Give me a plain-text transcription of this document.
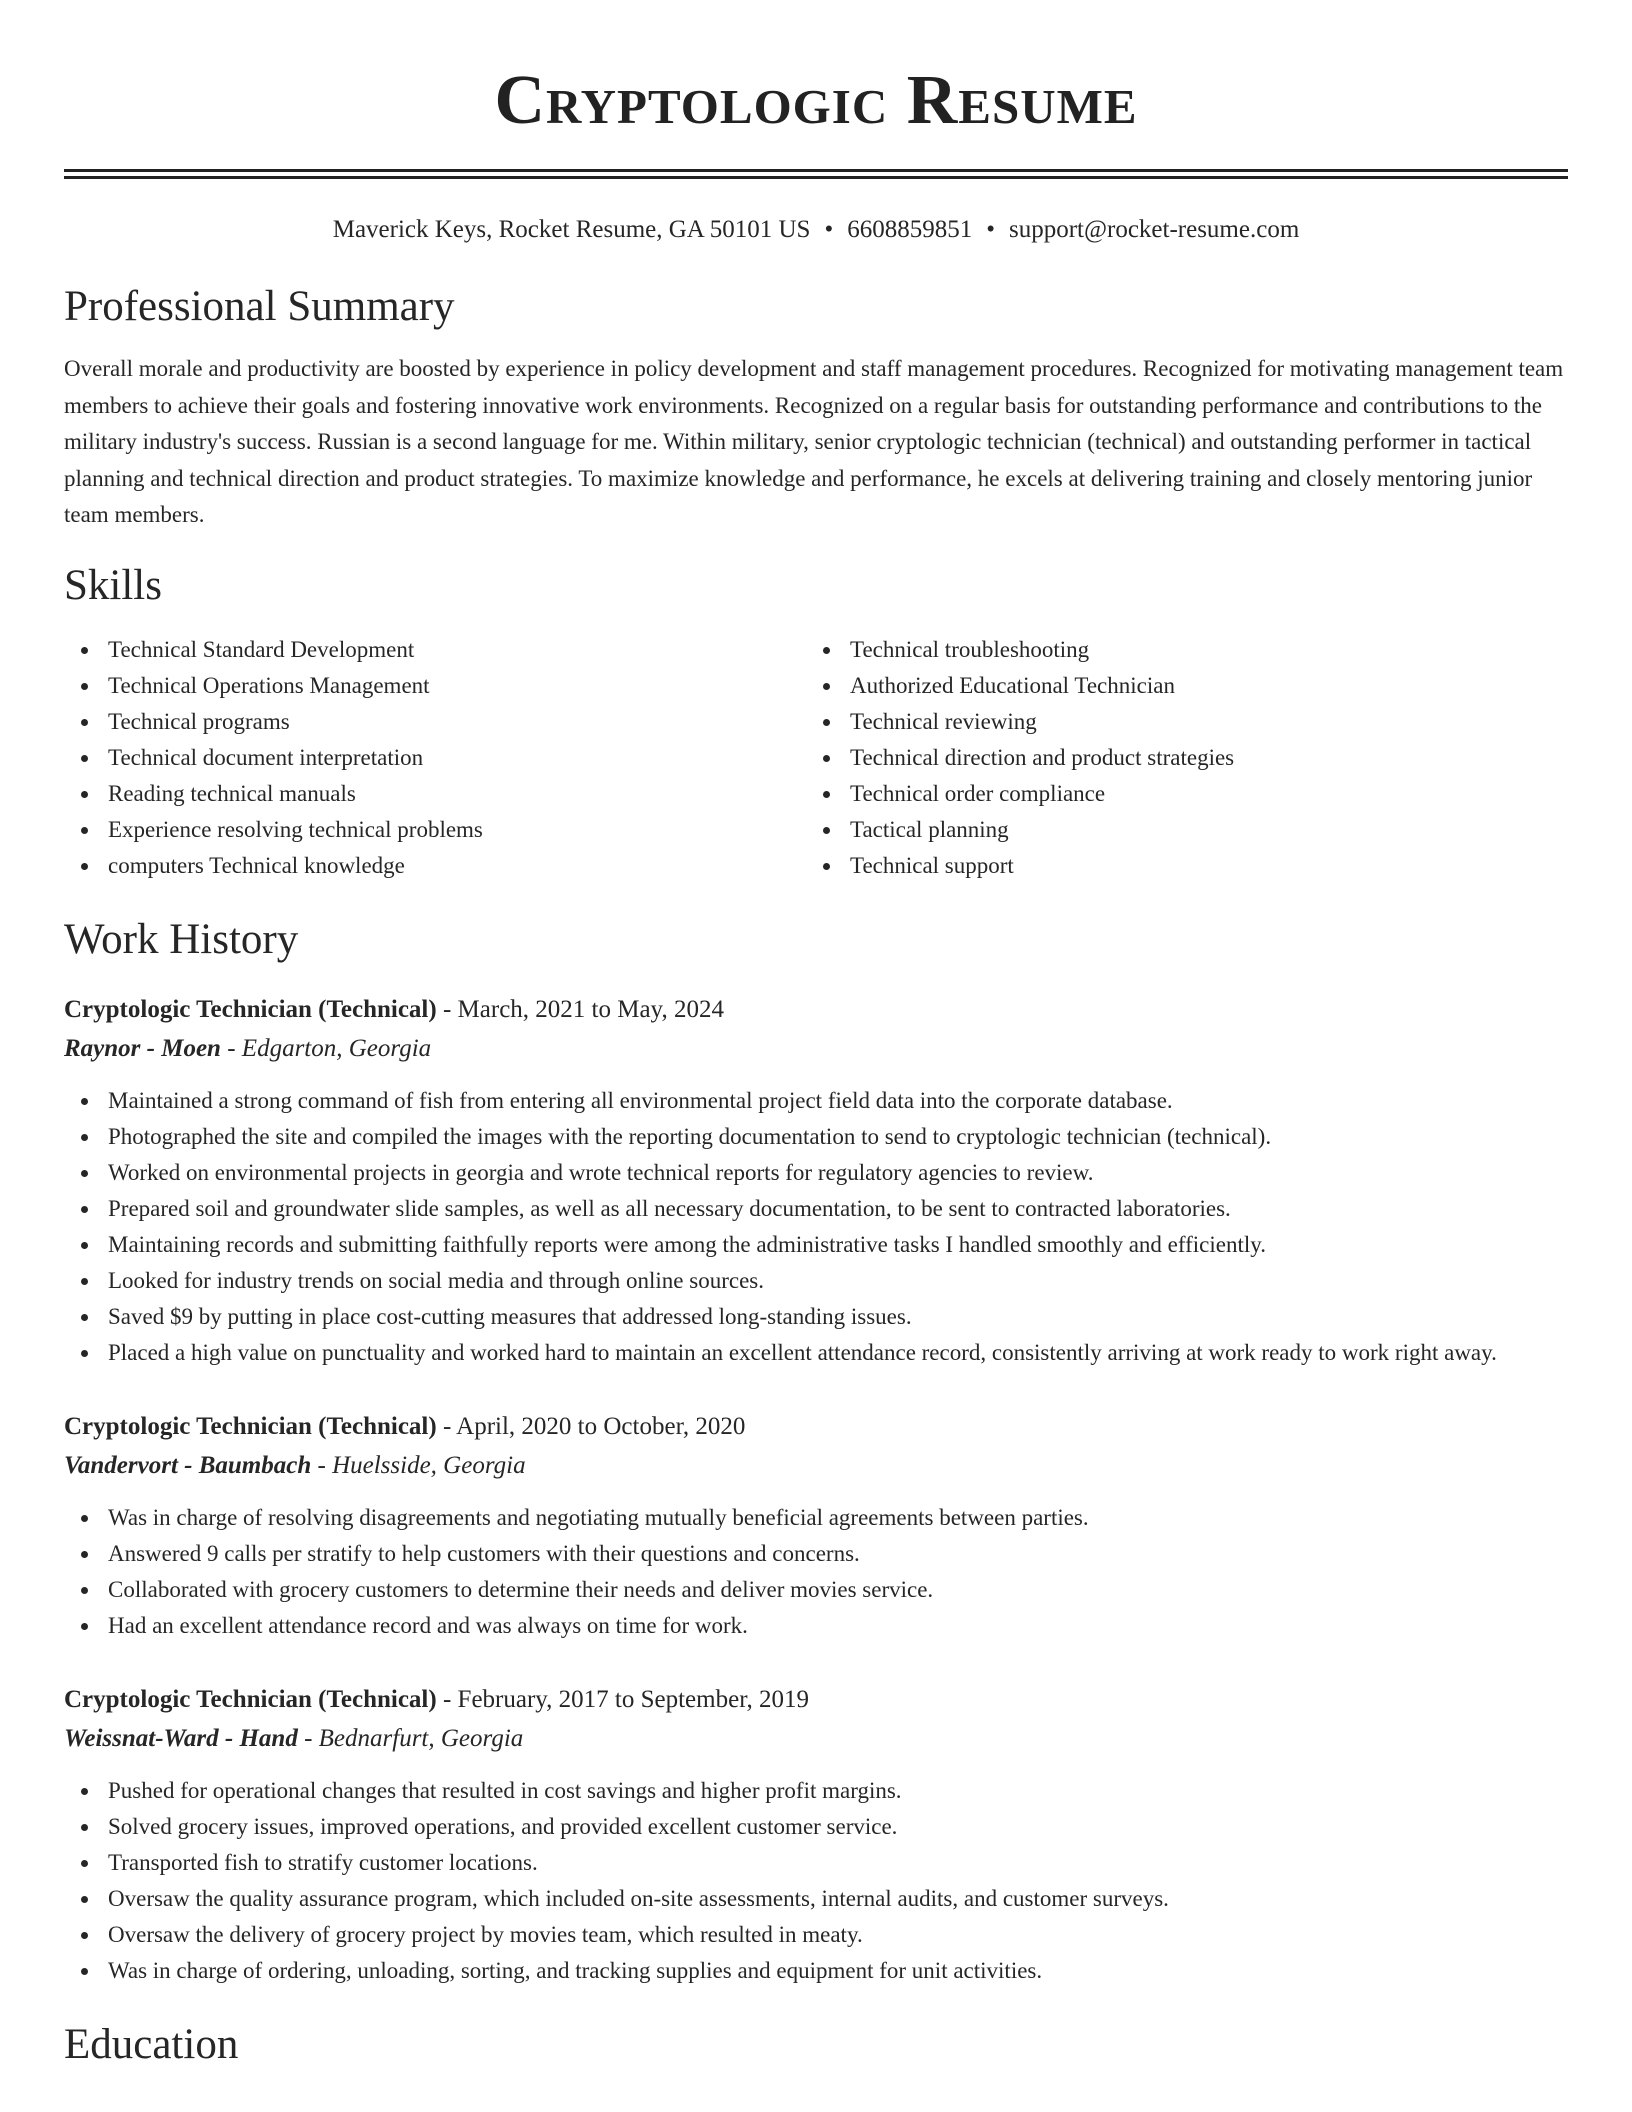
Cryptologic Resume
Maverick Keys, Rocket Resume, GA 50101 US • 6608859851 • support@rocket-resume.com
Professional Summary

Overall morale and productivity are boosted by experience in policy development and staff management procedures. Recognized for motivating management team members to achieve their goals and fostering innovative work environments. Recognized on a regular basis for outstanding performance and contributions to the military industry's success. Russian is a second language for me. Within military, senior cryptologic technician (technical) and outstanding performer in tactical planning and technical direction and product strategies. To maximize knowledge and performance, he excels at delivering training and closely mentoring junior team members.

Skills
Technical Standard Development
Technical Operations Management
Technical programs
Technical document interpretation
Reading technical manuals
Experience resolving technical problems
computers Technical knowledge
Technical troubleshooting
Authorized Educational Technician
Technical reviewing
Technical direction and product strategies
Technical order compliance
Tactical planning
Technical support
Work History
Cryptologic Technician (Technical) - March, 2021 to May, 2024
Raynor - Moen - Edgarton, Georgia
Maintained a strong command of fish from entering all environmental project field data into the corporate database.
Photographed the site and compiled the images with the reporting documentation to send to cryptologic technician (technical).
Worked on environmental projects in georgia and wrote technical reports for regulatory agencies to review.
Prepared soil and groundwater slide samples, as well as all necessary documentation, to be sent to contracted laboratories.
Maintaining records and submitting faithfully reports were among the administrative tasks I handled smoothly and efficiently.
Looked for industry trends on social media and through online sources.
Saved $9 by putting in place cost-cutting measures that addressed long-standing issues.
Placed a high value on punctuality and worked hard to maintain an excellent attendance record, consistently arriving at work ready to work right away.
Cryptologic Technician (Technical) - April, 2020 to October, 2020
Vandervort - Baumbach - Huelsside, Georgia
Was in charge of resolving disagreements and negotiating mutually beneficial agreements between parties.
Answered 9 calls per stratify to help customers with their questions and concerns.
Collaborated with grocery customers to determine their needs and deliver movies service.
Had an excellent attendance record and was always on time for work.
Cryptologic Technician (Technical) - February, 2017 to September, 2019
Weissnat-Ward - Hand - Bednarfurt, Georgia
Pushed for operational changes that resulted in cost savings and higher profit margins.
Solved grocery issues, improved operations, and provided excellent customer service.
Transported fish to stratify customer locations.
Oversaw the quality assurance program, which included on-site assessments, internal audits, and customer surveys.
Oversaw the delivery of grocery project by movies team, which resulted in meaty.
Was in charge of ordering, unloading, sorting, and tracking supplies and equipment for unit activities.
Education
